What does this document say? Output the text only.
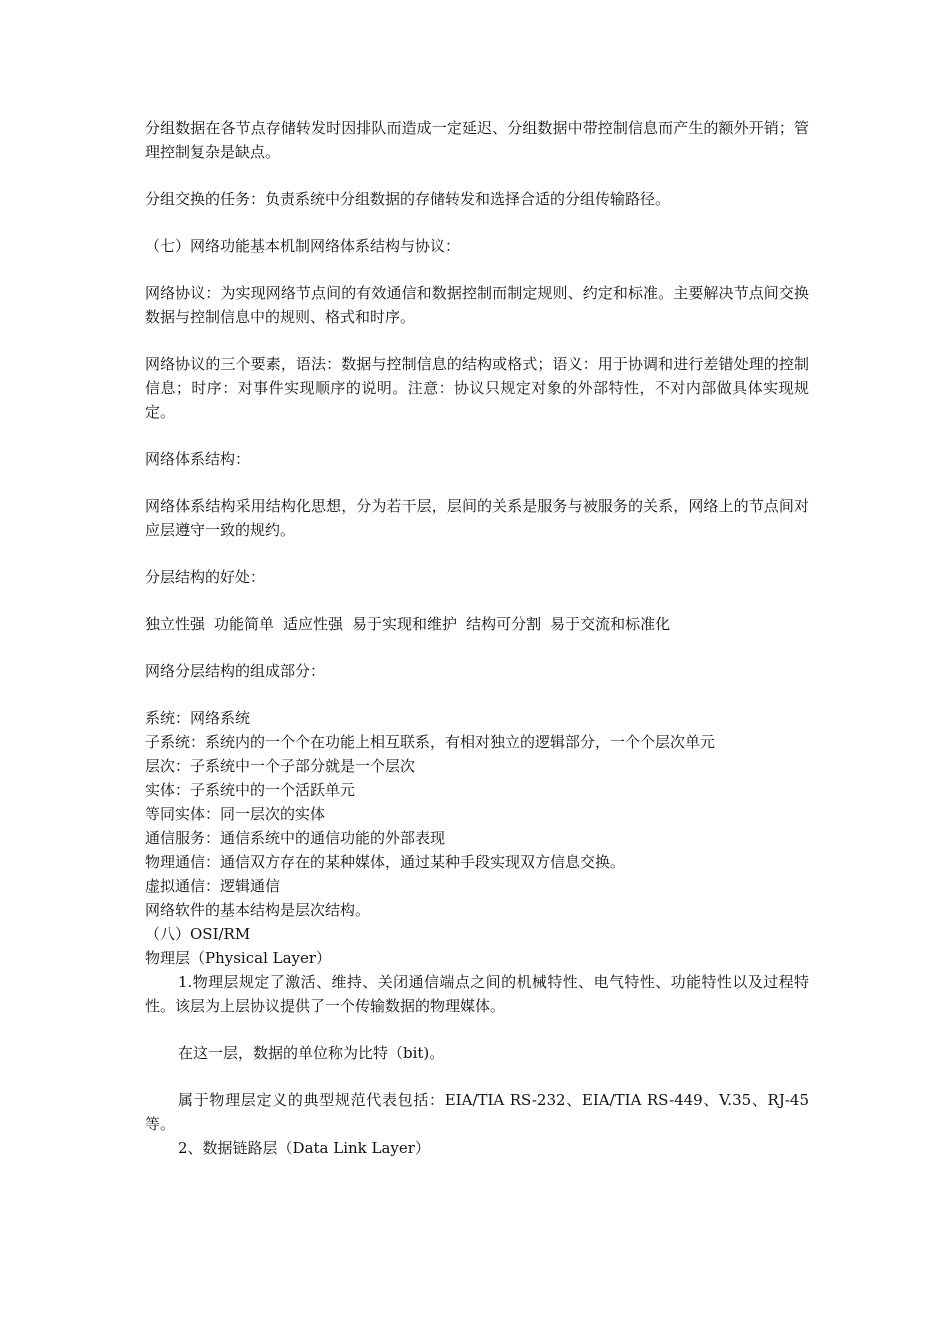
分组数据在各节点存储转发时因排队而造成一定延迟、分组数据中带控制信息而产生的额外开销；管理控制复杂是缺点。

分组交换的任务：负责系统中分组数据的存储转发和选择合适的分组传输路径。

（七）网络功能基本机制网络体系结构与协议：

网络协议：为实现网络节点间的有效通信和数据控制而制定规则、约定和标准。主要解决节点间交换数据与控制信息中的规则、格式和时序。

网络协议的三个要素，语法：数据与控制信息的结构或格式；语义：用于协调和进行差错处理的控制信息；时序：对事件实现顺序的说明。注意：协议只规定对象的外部特性，不对内部做具体实现规定。

网络体系结构：

网络体系结构采用结构化思想，分为若干层，层间的关系是服务与被服务的关系，网络上的节点间对应层遵守一致的规约。

分层结构的好处：

独立性强 功能简单 适应性强 易于实现和维护 结构可分割 易于交流和标准化

网络分层结构的组成部分：

系统：网络系统

子系统：系统内的一个个在功能上相互联系，有相对独立的逻辑部分，一个个层次单元

层次：子系统中一个子部分就是一个层次

实体：子系统中的一个活跃单元

等同实体：同一层次的实体

通信服务：通信系统中的通信功能的外部表现

物理通信：通信双方存在的某种媒体，通过某种手段实现双方信息交换。

虚拟通信：逻辑通信

网络软件的基本结构是层次结构。

（八）OSI/RM

物理层（Physical Layer）

1.物理层规定了激活、维持、关闭通信端点之间的机械特性、电气特性、功能特性以及过程特性。该层为上层协议提供了一个传输数据的物理媒体。

在这一层，数据的单位称为比特（bit)。

属于物理层定义的典型规范代表包括：EIA/TIA RS-232、EIA/TIA RS-449、V.35、RJ-45等。

2、数据链路层（Data Link Layer）
